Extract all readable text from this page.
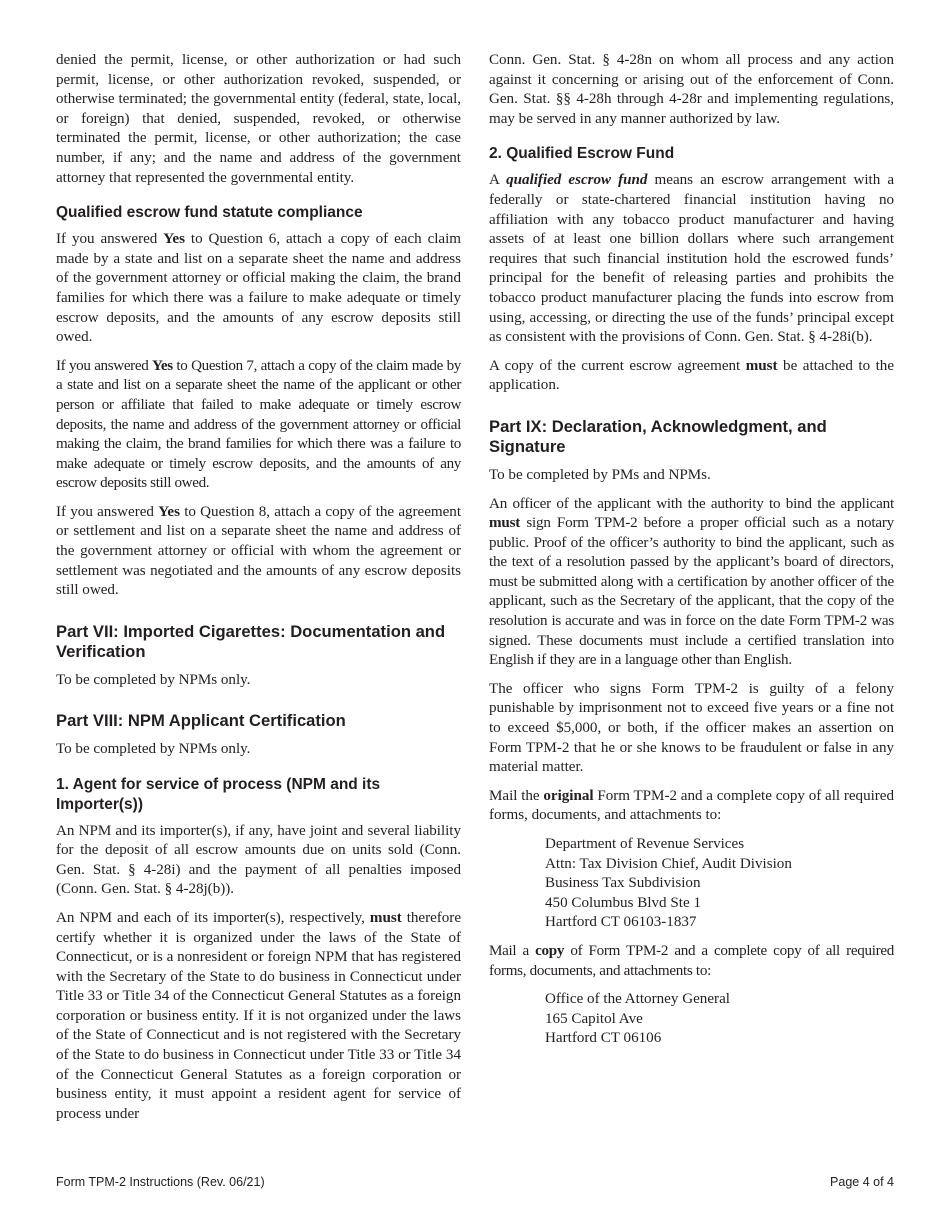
denied the permit, license, or other authorization or had such permit, license, or other authorization revoked, suspended, or otherwise terminated; the governmental entity (federal, state, local, or foreign) that denied, suspended, revoked, or otherwise terminated the permit, license, or other authorization; the case number, if any; and the name and address of the government attorney that represented the governmental entity.

Qualified escrow fund statute compliance

If you answered Yes to Question 6, attach a copy of each claim made by a state and list on a separate sheet the name and address of the government attorney or official making the claim, the brand families for which there was a failure to make adequate or timely escrow deposits, and the amounts of any escrow deposits still owed.

If you answered Yes to Question 7, attach a copy of the claim made by a state and list on a separate sheet the name of the applicant or other person or affiliate that failed to make adequate or timely escrow deposits, the name and address of the government attorney or official making the claim, the brand families for which there was a failure to make adequate or timely escrow deposits, and the amounts of any escrow deposits still owed.

If you answered Yes to Question 8, attach a copy of the agreement or settlement and list on a separate sheet the name and address of the government attorney or official with whom the agreement or settlement was negotiated and the amounts of any escrow deposits still owed.

Part VII: Imported Cigarettes: Documentation and Verification

To be completed by NPMs only.

Part VIII: NPM Applicant Certification

To be completed by NPMs only.

1. Agent for service of process (NPM and its Importer(s))

An NPM and its importer(s), if any, have joint and several liability for the deposit of all escrow amounts due on units sold (Conn. Gen. Stat. § 4-28i) and the payment of all penalties imposed (Conn. Gen. Stat. § 4-28j(b)).

An NPM and each of its importer(s), respectively, must therefore certify whether it is organized under the laws of the State of Connecticut, or is a nonresident or foreign NPM that has registered with the Secretary of the State to do business in Connecticut under Title 33 or Title 34 of the Connecticut General Statutes as a foreign corporation or business entity. If it is not organized under the laws of the State of Connecticut and is not registered with the Secretary of the State to do business in Connecticut under Title 33 or Title 34 of the Connecticut General Statutes as a foreign corporation or business entity, it must appoint a resident agent for service of process under

Conn. Gen. Stat. § 4-28n on whom all process and any action against it concerning or arising out of the enforcement of Conn. Gen. Stat. §§ 4-28h through 4-28r and implementing regulations, may be served in any manner authorized by law.

2. Qualified Escrow Fund

A qualified escrow fund means an escrow arrangement with a federally or state-chartered financial institution having no affiliation with any tobacco product manufacturer and having assets of at least one billion dollars where such arrangement requires that such financial institution hold the escrowed funds’ principal for the benefit of releasing parties and prohibits the tobacco product manufacturer placing the funds into escrow from using, accessing, or directing the use of the funds’ principal except as consistent with the provisions of Conn. Gen. Stat. § 4-28i(b).

A copy of the current escrow agreement must be attached to the application.

Part IX: Declaration, Acknowledgment, and Signature

To be completed by PMs and NPMs.

An officer of the applicant with the authority to bind the applicant must sign Form TPM-2 before a proper official such as a notary public. Proof of the officer’s authority to bind the applicant, such as the text of a resolution passed by the applicant’s board of directors, must be submitted along with a certification by another officer of the applicant, such as the Secretary of the applicant, that the copy of the resolution is accurate and was in force on the date Form TPM-2 was signed. These documents must include a certified translation into English if they are in a language other than English.

The officer who signs Form TPM-2 is guilty of a felony punishable by imprisonment not to exceed five years or a fine not to exceed $5,000, or both, if the officer makes an assertion on Form TPM-2 that he or she knows to be fraudulent or false in any material matter.

Mail the original Form TPM-2 and a complete copy of all required forms, documents, and attachments to:

Department of Revenue Services
Attn: Tax Division Chief, Audit Division
Business Tax Subdivision
450 Columbus Blvd Ste 1
Hartford CT 06103-1837

Mail a copy of Form TPM-2 and a complete copy of all required forms, documents, and attachments to:

Office of the Attorney General
165 Capitol Ave
Hartford CT 06106
Form TPM-2 Instructions (Rev. 06/21)	Page 4 of 4
